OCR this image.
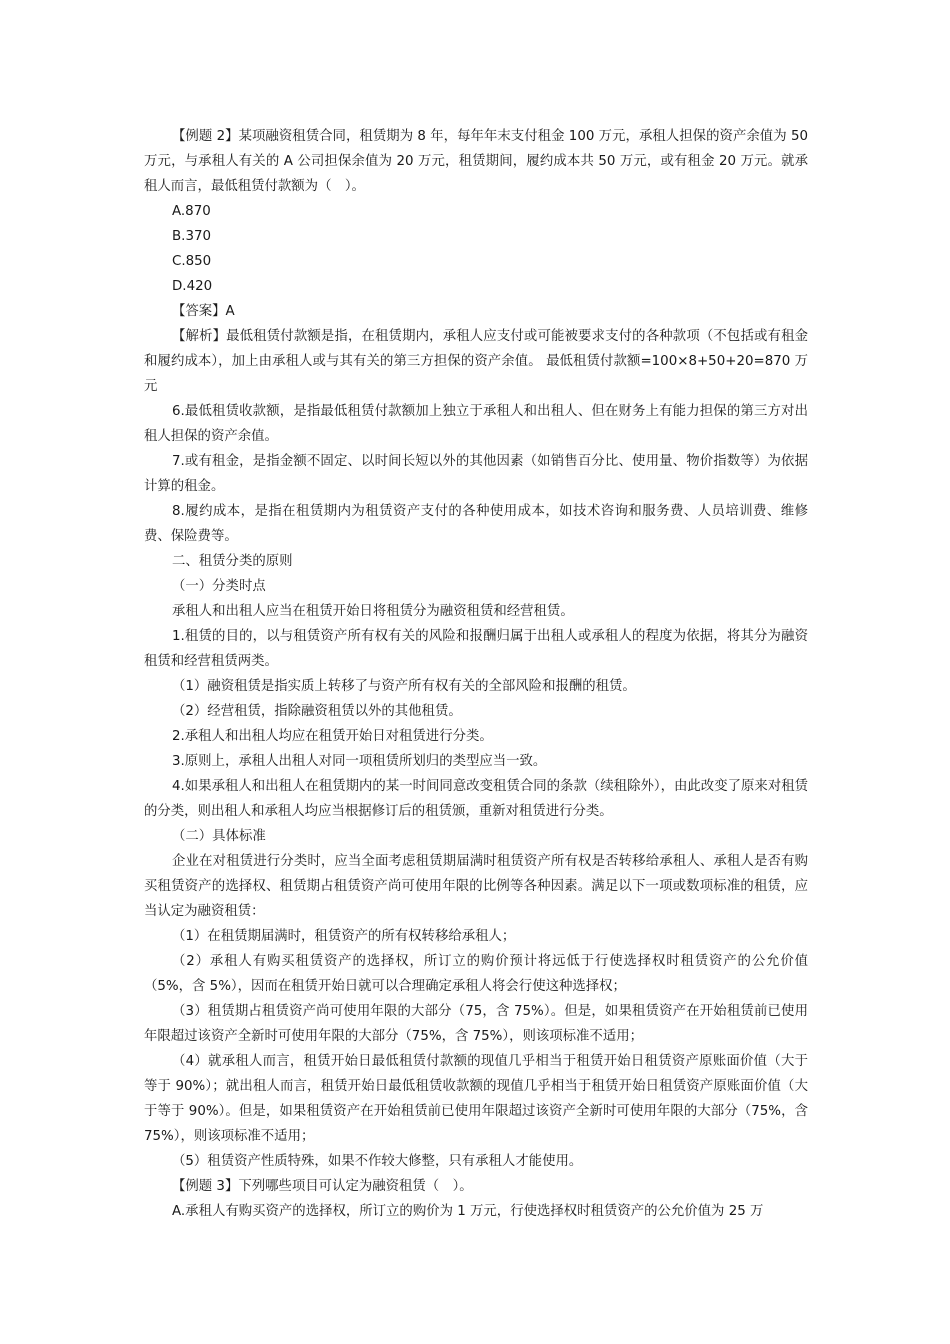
【例题 2】某项融资租赁合同，租赁期为 8 年，每年年末支付租金 100 万元，承租人担保的资产余值为 50 万元，与承租人有关的 A 公司担保余值为 20 万元，租赁期间，履约成本共 50 万元，或有租金 20 万元。就承租人而言，最低租赁付款额为（　）。

A.870

B.370

C.850

D.420

【答案】A

【解析】最低租赁付款额是指，在租赁期内，承租人应支付或可能被要求支付的各种款项（不包括或有租金和履约成本），加上由承租人或与其有关的第三方担保的资产余值。 最低租赁付款额=100×8+50+20=870 万元

6.最低租赁收款额，是指最低租赁付款额加上独立于承租人和出租人、但在财务上有能力担保的第三方对出租人担保的资产余值。

7.或有租金，是指金额不固定、以时间长短以外的其他因素（如销售百分比、使用量、物价指数等）为依据计算的租金。

8.履约成本，是指在租赁期内为租赁资产支付的各种使用成本，如技术咨询和服务费、人员培训费、维修费、保险费等。

二、租赁分类的原则

（一）分类时点

承租人和出租人应当在租赁开始日将租赁分为融资租赁和经营租赁。

1.租赁的目的，以与租赁资产所有权有关的风险和报酬归属于出租人或承租人的程度为依据，将其分为融资租赁和经营租赁两类。

（1）融资租赁是指实质上转移了与资产所有权有关的全部风险和报酬的租赁。

（2）经营租赁，指除融资租赁以外的其他租赁。

2.承租人和出租人均应在租赁开始日对租赁进行分类。

3.原则上，承租人出租人对同一项租赁所划归的类型应当一致。

4.如果承租人和出租人在租赁期内的某一时间同意改变租赁合同的条款（续租除外），由此改变了原来对租赁的分类，则出租人和承租人均应当根据修订后的租赁颁，重新对租赁进行分类。

（二）具体标准

企业在对租赁进行分类时，应当全面考虑租赁期届满时租赁资产所有权是否转移给承租人、承租人是否有购买租赁资产的选择权、租赁期占租赁资产尚可使用年限的比例等各种因素。满足以下一项或数项标准的租赁，应当认定为融资租赁：

（1）在租赁期届满时，租赁资产的所有权转移给承租人；

（2）承租人有购买租赁资产的选择权，所订立的购价预计将远低于行使选择权时租赁资产的公允价值（5%，含 5%），因而在租赁开始日就可以合理确定承租人将会行使这种选择权；

（3）租赁期占租赁资产尚可使用年限的大部分（75，含 75%）。但是，如果租赁资产在开始租赁前已使用年限超过该资产全新时可使用年限的大部分（75%，含 75%），则该项标准不适用；

（4）就承租人而言，租赁开始日最低租赁付款额的现值几乎相当于租赁开始日租赁资产原账面价值（大于等于 90%）；就出租人而言，租赁开始日最低租赁收款额的现值几乎相当于租赁开始日租赁资产原账面价值（大于等于 90%）。但是，如果租赁资产在开始租赁前已使用年限超过该资产全新时可使用年限的大部分（75%，含 75%），则该项标准不适用；

（5）租赁资产性质特殊，如果不作较大修整，只有承租人才能使用。

【例题 3】下列哪些项目可认定为融资租赁（　）。

A.承租人有购买资产的选择权，所订立的购价为 1 万元，行使选择权时租赁资产的公允价值为 25 万
